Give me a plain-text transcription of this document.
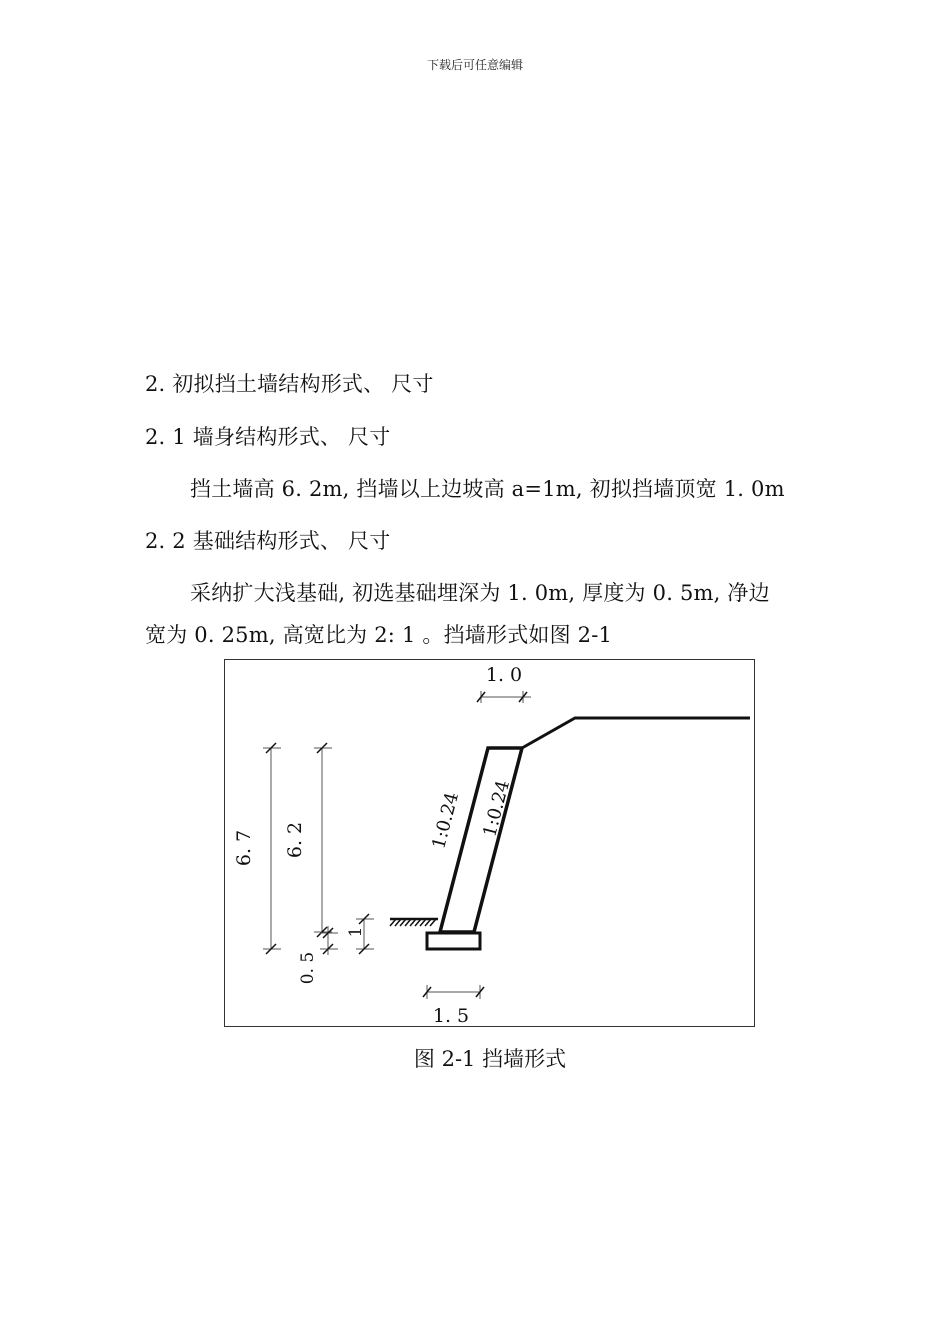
下载后可任意编辑
2. 初拟挡土墙结构形式、 尺寸
2. 1 墙身结构形式、 尺寸
挡土墙高 6. 2m, 挡墙以上边坡高 a=1m, 初拟挡墙顶宽 1. 0m
2. 2 基础结构形式、 尺寸
采纳扩大浅基础, 初选基础埋深为 1. 0m, 厚度为 0. 5m, 净边
宽为 0. 25m, 高宽比为 2: 1 。挡墙形式如图 2-1
1. 0
6. 7 6. 2
1
0. 5
1. 5
1:0.24 1:0.24
图 2-1 挡墙形式
